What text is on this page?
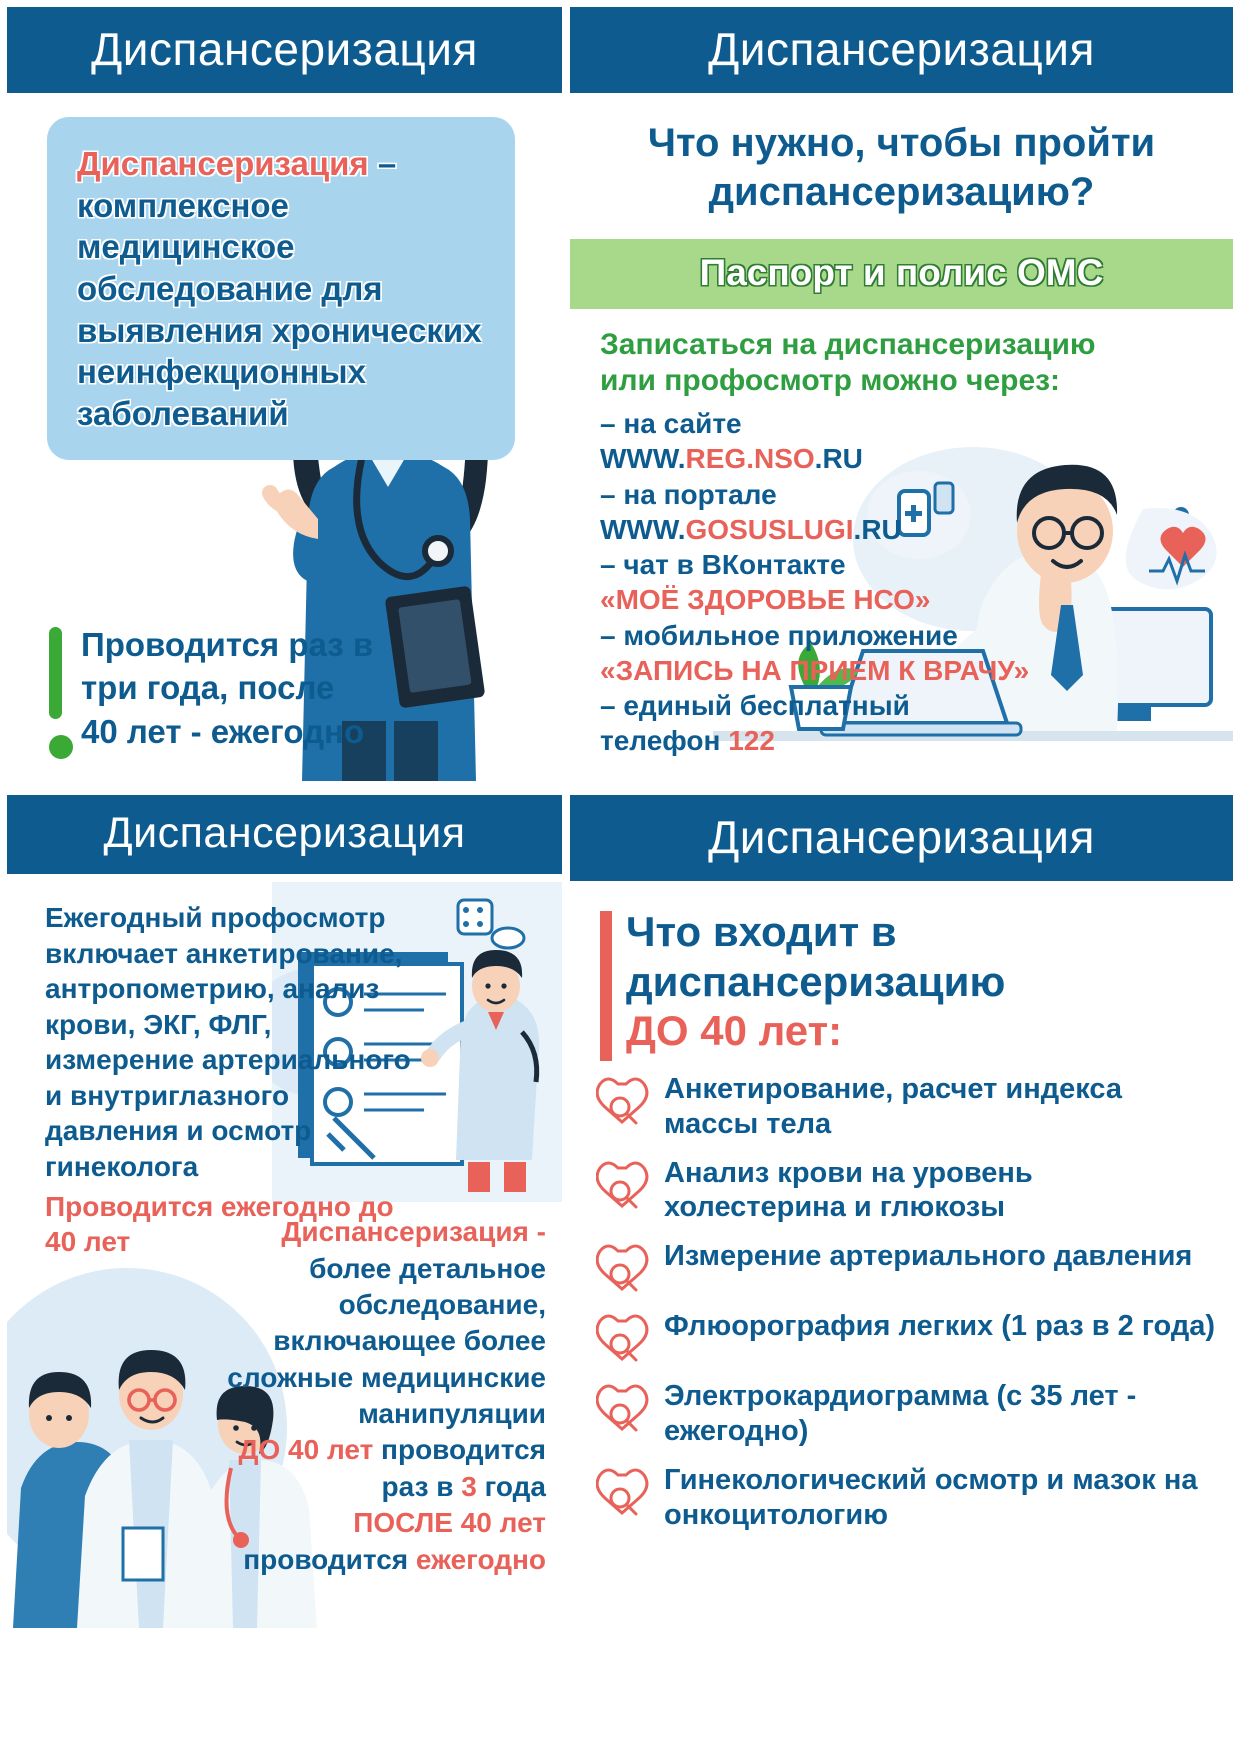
Диспансеризация

Диспансеризация – комплексное медицинское обследование для выявления хронических неинфекционных заболеваний

Проводится раз в три года, после 40 лет - ежегодно

Диспансеризация
Что нужно, чтобы пройти диспансеризацию?
Паспорт и полис ОМС

Записаться на диспансеризацию или профосмотр можно через:

– на сайте
WWW.REG.NSO.RU
– на портале
WWW.GOSUSLUGI.RU
– чат в ВКонтакте
«МОЁ ЗДОРОВЬЕ НСО»
– мобильное приложение
«ЗАПИСЬ НА ПРИЕМ К ВРАЧУ»
– единый бесплатный
телефон 122
Диспансеризация

Ежегодный профосмотр включает анкетирование, антропометрию, анализ крови, ЭКГ, ФЛГ, измерение артериального и внутриглазного давления и осмотр гинеколога

Проводится ежегодно до 40 лет	Диспансеризация -
более детальное обследование, включающее более сложные медицинские манипуляции

ДО 40 лет проводится раз в 3 года

ПОСЛЕ 40 лет проводится ежегодно

Диспансеризация
Что входит в
диспансеризацию
ДО 40 лет:
Анкетирование, расчет индекса массы тела
Анализ крови на уровень холестерина и глюкозы
Измерение артериального давления
Флюорография легких (1 раз в 2 года)
Электрокардиограмма (с 35 лет - ежегодно)
Гинекологический осмотр и мазок на онкоцитологию
